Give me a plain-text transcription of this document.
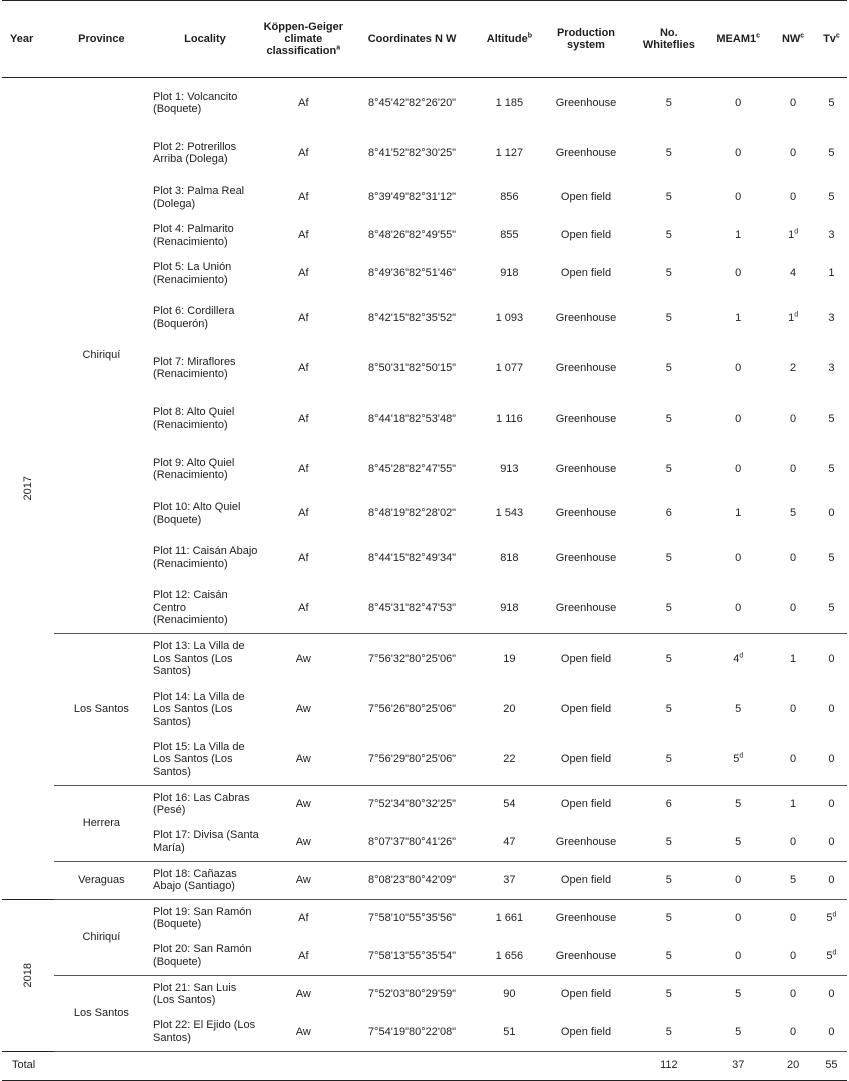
Year	Province	Locality	Köppen-Geiger climate classification$^a$	Coordinates N W	Altitude$^b$	Production system	No. Whiteflies	MEAM1$^c$	$NW^c$	Tv$^c$
2017	Chiriquí	Plot 1: Volcancito (Boquete)	Af	8°45'42"82°26'20"	1 185	Greenhouse	5	0	0	5
		Plot 2: Potrerillos Arriba (Dolega)	Af	8°41'52"82°30'25"	1 127	Greenhouse	5	0	0	5
		Plot 3: Palma Real (Dolega)	Af	8°39'49"82°31'12"	856	Open field	5	0	0	5
		Plot 4: Palmarito (Renacimiento)	Af	8°48'26"82°49'55"	855	Open field	5	1	1$^d$	3
		Plot 5: La Unión (Renacimiento)	Af	8°49'36"82°51'46"	918	Open field	5	0	4	1
		Plot 6: Cordillera (Boquerón)	Af	8°42'15"82°35'52"	1 093	Greenhouse	5	1	1$^d$	3
		Plot 7: Miraflores (Renacimiento)	Af	8°50'31"82°50'15"	1 077	Greenhouse	5	0	2	3
		Plot 8: Alto Quiel (Renacimiento)	Af	8°44'18"82°53'48"	1 116	Greenhouse	5	0	0	5
		Plot 9: Alto Quiel (Renacimiento)	Af	8°45'28"82°47'55"	913	Greenhouse	5	0	0	5
		Plot 10: Alto Quiel (Boquete)	Af	8°48'19"82°28'02"	1 543	Greenhouse	6	1	5	0
		Plot 11: Caisán Abajo (Renacimiento)	Af	8°44'15"82°49'34"	818	Greenhouse	5	0	0	5
		Plot 12: Caisán Centro (Renacimiento)	Af	8°45'31"82°47'53"	918	Greenhouse	5	0	0	5
	Los Santos	Plot 13: La Villa de Los Santos (Los Santos)	Aw	7°56'32"80°25'06"	19	Open field	5	4$^d$	1	0
		Plot 14: La Villa de Los Santos (Los Santos)	Aw	7°56'26"80°25'06"	20	Open field	5	5	0	0
		Plot 15: La Villa de Los Santos (Los Santos)	Aw	7°56'29"80°25'06"	22	Open field	5	5$^d$	0	0
	Herrera	Plot 16: Las Cabras (Pesé)	Aw	7°52'34"80°32'25"	54	Open field	6	5	1	0
		Plot 17: Divisa (Santa María)	Aw	8°07'37"80°41'26"	47	Greenhouse	5	5	0	0
	Veraguas	Plot 18: Cañazas Abajo (Santiago)	Aw	8°08'23"80°42'09"	37	Open field	5	0	5	0
2018	Chiriquí	Plot 19: San Ramón (Boquete)	Af	7°58'10"55°35'56"	1 661	Greenhouse	5	0	0	5$^d$
		Plot 20: San Ramón (Boquete)	Af	7°58'13"55°35'54"	1 656	Greenhouse	5	0	0	5$^d$
	Los Santos	Plot 21: San Luis (Los Santos)	Aw	7°52'03"80°29'59"	90	Open field	5	5	0	0
		Plot 22: El Ejido (Los Santos)	Aw	7°54'19"80°22'08"	51	Open field	5	5	0	0
Total							112	37	20	55
